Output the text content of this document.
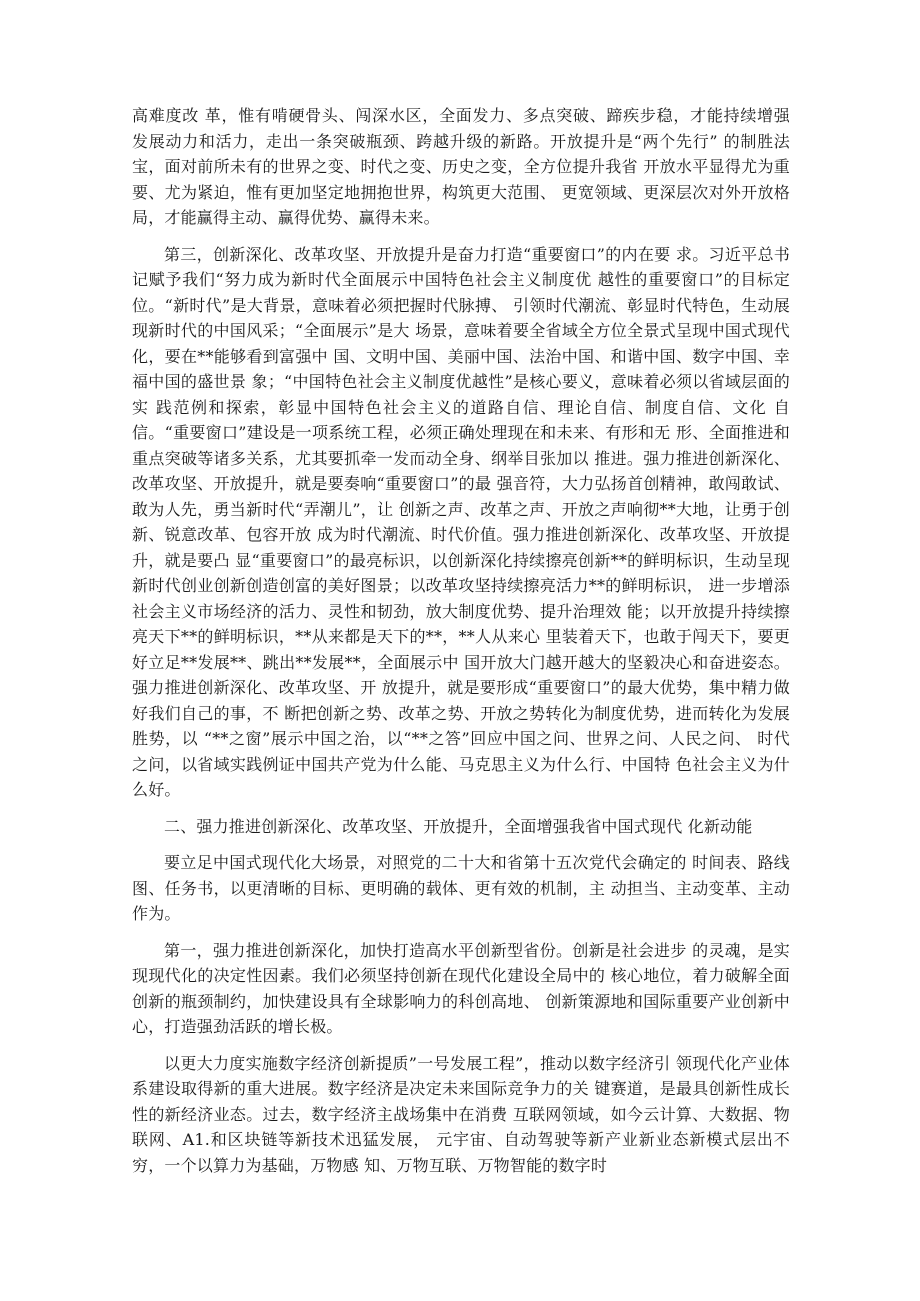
高难度改 革，惟有啃硬骨头、闯深水区，全面发力、多点突破、蹄疾步稳，才能持续增强 发展动力和活力，走出一条突破瓶颈、跨越升级的新路。开放提升是“两个先行” 的制胜法宝，面对前所未有的世界之变、时代之变、历史之变，全方位提升我省 开放水平显得尤为重要、尤为紧迫，惟有更加坚定地拥抱世界，构筑更大范围、 更宽领域、更深层次对外开放格局，才能赢得主动、赢得优势、赢得未来。

第三，创新深化、改革攻坚、开放提升是奋力打造“重要窗口”的内在要 求。习近平总书记赋予我们“努力成为新时代全面展示中国特色社会主义制度优 越性的重要窗口”的目标定位。“新时代”是大背景，意味着必须把握时代脉搏、 引领时代潮流、彰显时代特色，生动展现新时代的中国风采；“全面展示”是大 场景，意味着要全省域全方位全景式呈现中国式现代化，要在**能够看到富强中 国、文明中国、美丽中国、法治中国、和谐中国、数字中国、幸福中国的盛世景 象；“中国特色社会主义制度优越性”是核心要义，意味着必须以省域层面的实 践范例和探索，彰显中国特色社会主义的道路自信、理论自信、制度自信、文化 自信。“重要窗口”建设是一项系统工程，必须正确处理现在和未来、有形和无 形、全面推进和重点突破等诸多关系，尤其要抓牵一发而动全身、纲举目张加以 推进。强力推进创新深化、改革攻坚、开放提升，就是要奏响“重要窗口”的最 强音符，大力弘扬首创精神，敢闯敢试、敢为人先，勇当新时代“弄潮儿”，让 创新之声、改革之声、开放之声响彻**大地，让勇于创新、锐意改革、包容开放 成为时代潮流、时代价值。强力推进创新深化、改革攻坚、开放提升，就是要凸 显“重要窗口”的最亮标识，以创新深化持续擦亮创新**的鲜明标识，生动呈现 新时代创业创新创造创富的美好图景；以改革攻坚持续擦亮活力**的鲜明标识， 进一步增添社会主义市场经济的活力、灵性和韧劲，放大制度优势、提升治理效 能；以开放提升持续擦亮天下**的鲜明标识，**从来都是天下的**，**人从来心 里装着天下，也敢于闯天下，要更好立足**发展**、跳出**发展**，全面展示中 国开放大门越开越大的坚毅决心和奋进姿态。强力推进创新深化、改革攻坚、开 放提升，就是要形成“重要窗口”的最大优势，集中精力做好我们自己的事，不 断把创新之势、改革之势、开放之势转化为制度优势，进而转化为发展胜势，以 “**之窗”展示中国之治，以“**之答”回应中国之问、世界之问、人民之问、 时代之问，以省域实践例证中国共产党为什么能、马克思主义为什么行、中国特 色社会主义为什么好。

二、强力推进创新深化、改革攻坚、开放提升，全面增强我省中国式现代 化新动能

要立足中国式现代化大场景，对照党的二十大和省第十五次党代会确定的 时间表、路线图、任务书，以更清晰的目标、更明确的载体、更有效的机制，主 动担当、主动变革、主动作为。

第一，强力推进创新深化，加快打造高水平创新型省份。创新是社会进步 的灵魂，是实现现代化的决定性因素。我们必须坚持创新在现代化建设全局中的 核心地位，着力破解全面创新的瓶颈制约，加快建设具有全球影响力的科创高地、 创新策源地和国际重要产业创新中心，打造强劲活跃的增长极。

以更大力度实施数字经济创新提质”一号发展工程”，推动以数字经济引 领现代化产业体系建设取得新的重大进展。数字经济是决定未来国际竞争力的关 键赛道，是最具创新性成长性的新经济业态。过去，数字经济主战场集中在消费 互联网领域，如今云计算、大数据、物联网、A1.和区块链等新技术迅猛发展， 元宇宙、自动驾驶等新产业新业态新模式层出不穷，一个以算力为基础，万物感 知、万物互联、万物智能的数字时
